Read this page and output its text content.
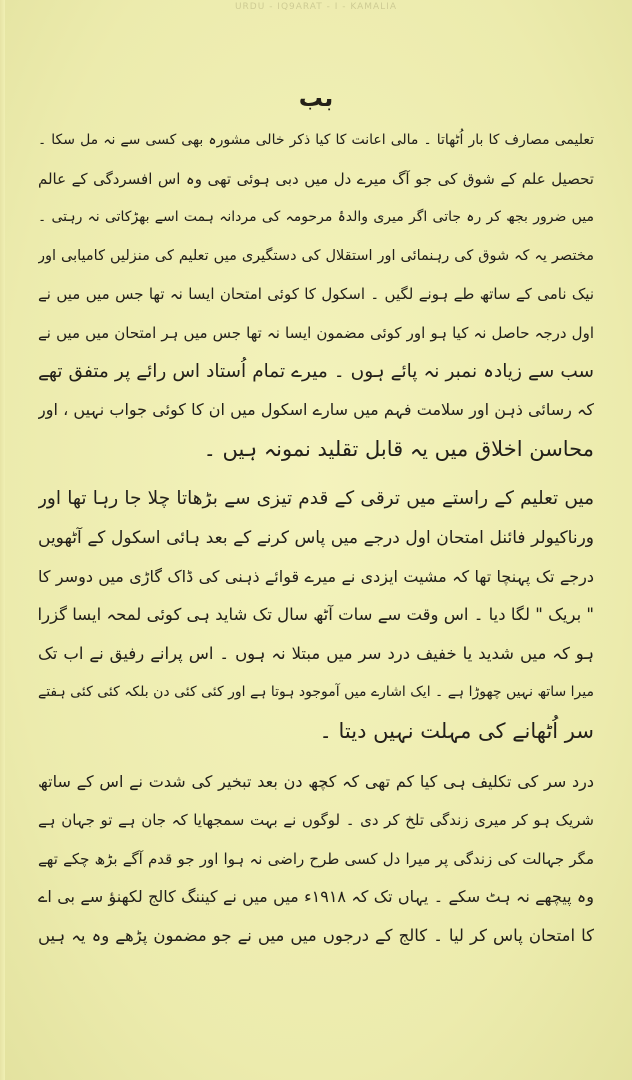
URDU - IQ9ARAT - I - KAMALIA
بب
تعلیمی مصارف کا بار اُٹھاتا ۔ مالی اعانت کا کیا ذکر خالی مشورہ بھی کسی سے نہ مل سکا ۔
تحصیل علم کے شوق کی جو آگ میرے دل میں دبی ہوئی تھی وہ اس افسردگی کے عالم
میں ضرور بجھ کر رہ جاتی اگر میری والدۂ مرحومہ کی مردانہ ہمت اسے بھڑکاتی نہ رہتی ۔
مختصر یہ کہ شوق کی رہنمائی اور استقلال کی دستگیری میں تعلیم کی منزلیں کامیابی اور
نیک نامی کے ساتھ طے ہونے لگیں ۔ اسکول کا کوئی امتحان ایسا نہ تھا جس میں میں نے
اول درجہ حاصل نہ کیا ہو اور کوئی مضمون ایسا نہ تھا جس میں ہر امتحان میں میں نے
سب سے زیادہ نمبر نہ پائے ہوں ۔ میرے تمام اُستاد اس رائے پر متفق تھے
کہ رسائی ذہن اور سلامت فہم میں سارے اسکول میں ان کا کوئی جواب نہیں ، اور
محاسن اخلاق میں یہ قابل تقلید نمونہ ہیں ۔
میں تعلیم کے راستے میں ترقی کے قدم تیزی سے بڑھاتا چلا جا رہا تھا اور
ورناکیولر فائنل امتحان اول درجے میں پاس کرنے کے بعد ہائی اسکول کے آٹھویں
درجے تک پہنچا تھا کہ مشیت ایزدی نے میرے قوائے ذہنی کی ڈاک گاڑی میں دوسر کا
" بریک " لگا دیا ۔ اس وقت سے سات آٹھ سال تک شاید ہی کوئی لمحہ ایسا گزرا
ہو کہ میں شدید یا خفیف درد سر میں مبتلا نہ ہوں ۔ اس پرانے رفیق نے اب تک
میرا ساتھ نہیں چھوڑا ہے ۔ ایک اشارے میں آموجود ہوتا ہے اور کئی کئی دن بلکہ کئی کئی ہفتے
سر اُٹھانے کی مہلت نہیں دیتا ۔
درد سر کی تکلیف ہی کیا کم تھی کہ کچھ دن بعد تبخیر کی شدت نے اس کے ساتھ
شریک ہو کر میری زندگی تلخ کر دی ۔ لوگوں نے بہت سمجھایا کہ جان ہے تو جہان ہے
مگر جہالت کی زندگی پر میرا دل کسی طرح راضی نہ ہوا اور جو قدم آگے بڑھ چکے تھے
وہ پیچھے نہ ہٹ سکے ۔ یہاں تک کہ ۱۹۱۸ء میں میں نے کیننگ کالج لکھنؤ سے بی اے
کا امتحان پاس کر لیا ۔ کالج کے درجوں میں میں نے جو مضمون پڑھے وہ یہ ہیں
